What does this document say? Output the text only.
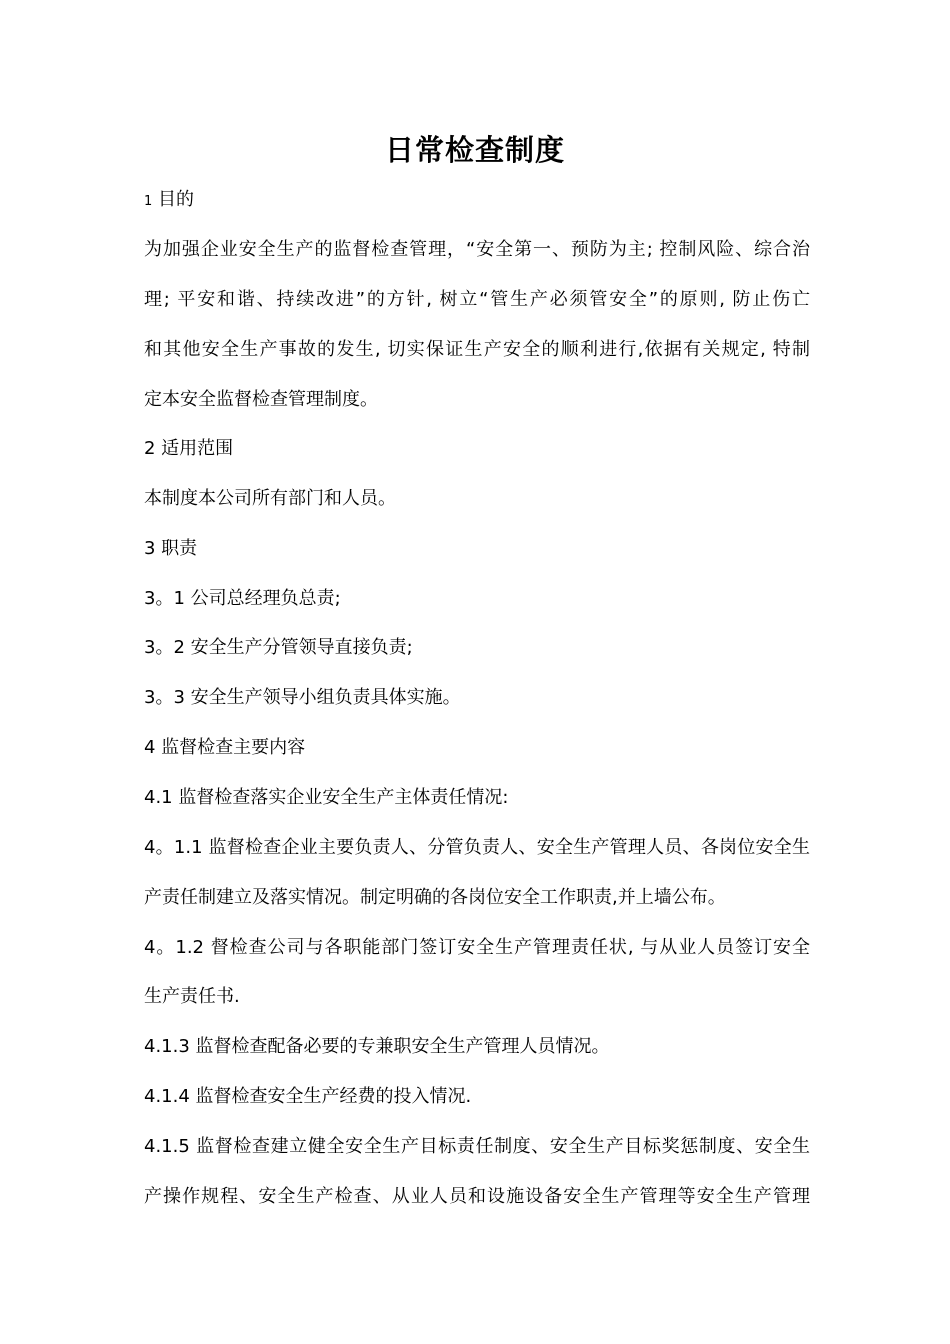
日常检查制度
1 目的
为加强企业安全生产的监督检查管理，“安全第一、预防为主; 控制风险、综合治
理; 平安和谐、持续改进”的方针, 树立“管生产必须管安全”的原则, 防止伤亡
和其他安全生产事故的发生, 切实保证生产安全的顺利进行,依据有关规定, 特制
定本安全监督检查管理制度。
2 适用范围
本制度本公司所有部门和人员。
3 职责
3。1 公司总经理负总责;
3。2 安全生产分管领导直接负责;
3。3 安全生产领导小组负责具体实施。
4 监督检查主要内容
4.1 监督检查落实企业安全生产主体责任情况:
4。1.1 监督检查企业主要负责人、分管负责人、安全生产管理人员、各岗位安全生
产责任制建立及落实情况。制定明确的各岗位安全工作职责,并上墙公布。
4。1.2 督检查公司与各职能部门签订安全生产管理责任状, 与从业人员签订安全
生产责任书.
4.1.3 监督检查配备必要的专兼职安全生产管理人员情况。
4.1.4 监督检查安全生产经费的投入情况.
4.1.5 监督检查建立健全安全生产目标责任制度、安全生产目标奖惩制度、安全生
产操作规程、安全生产检查、从业人员和设施设备安全生产管理等安全生产管理
